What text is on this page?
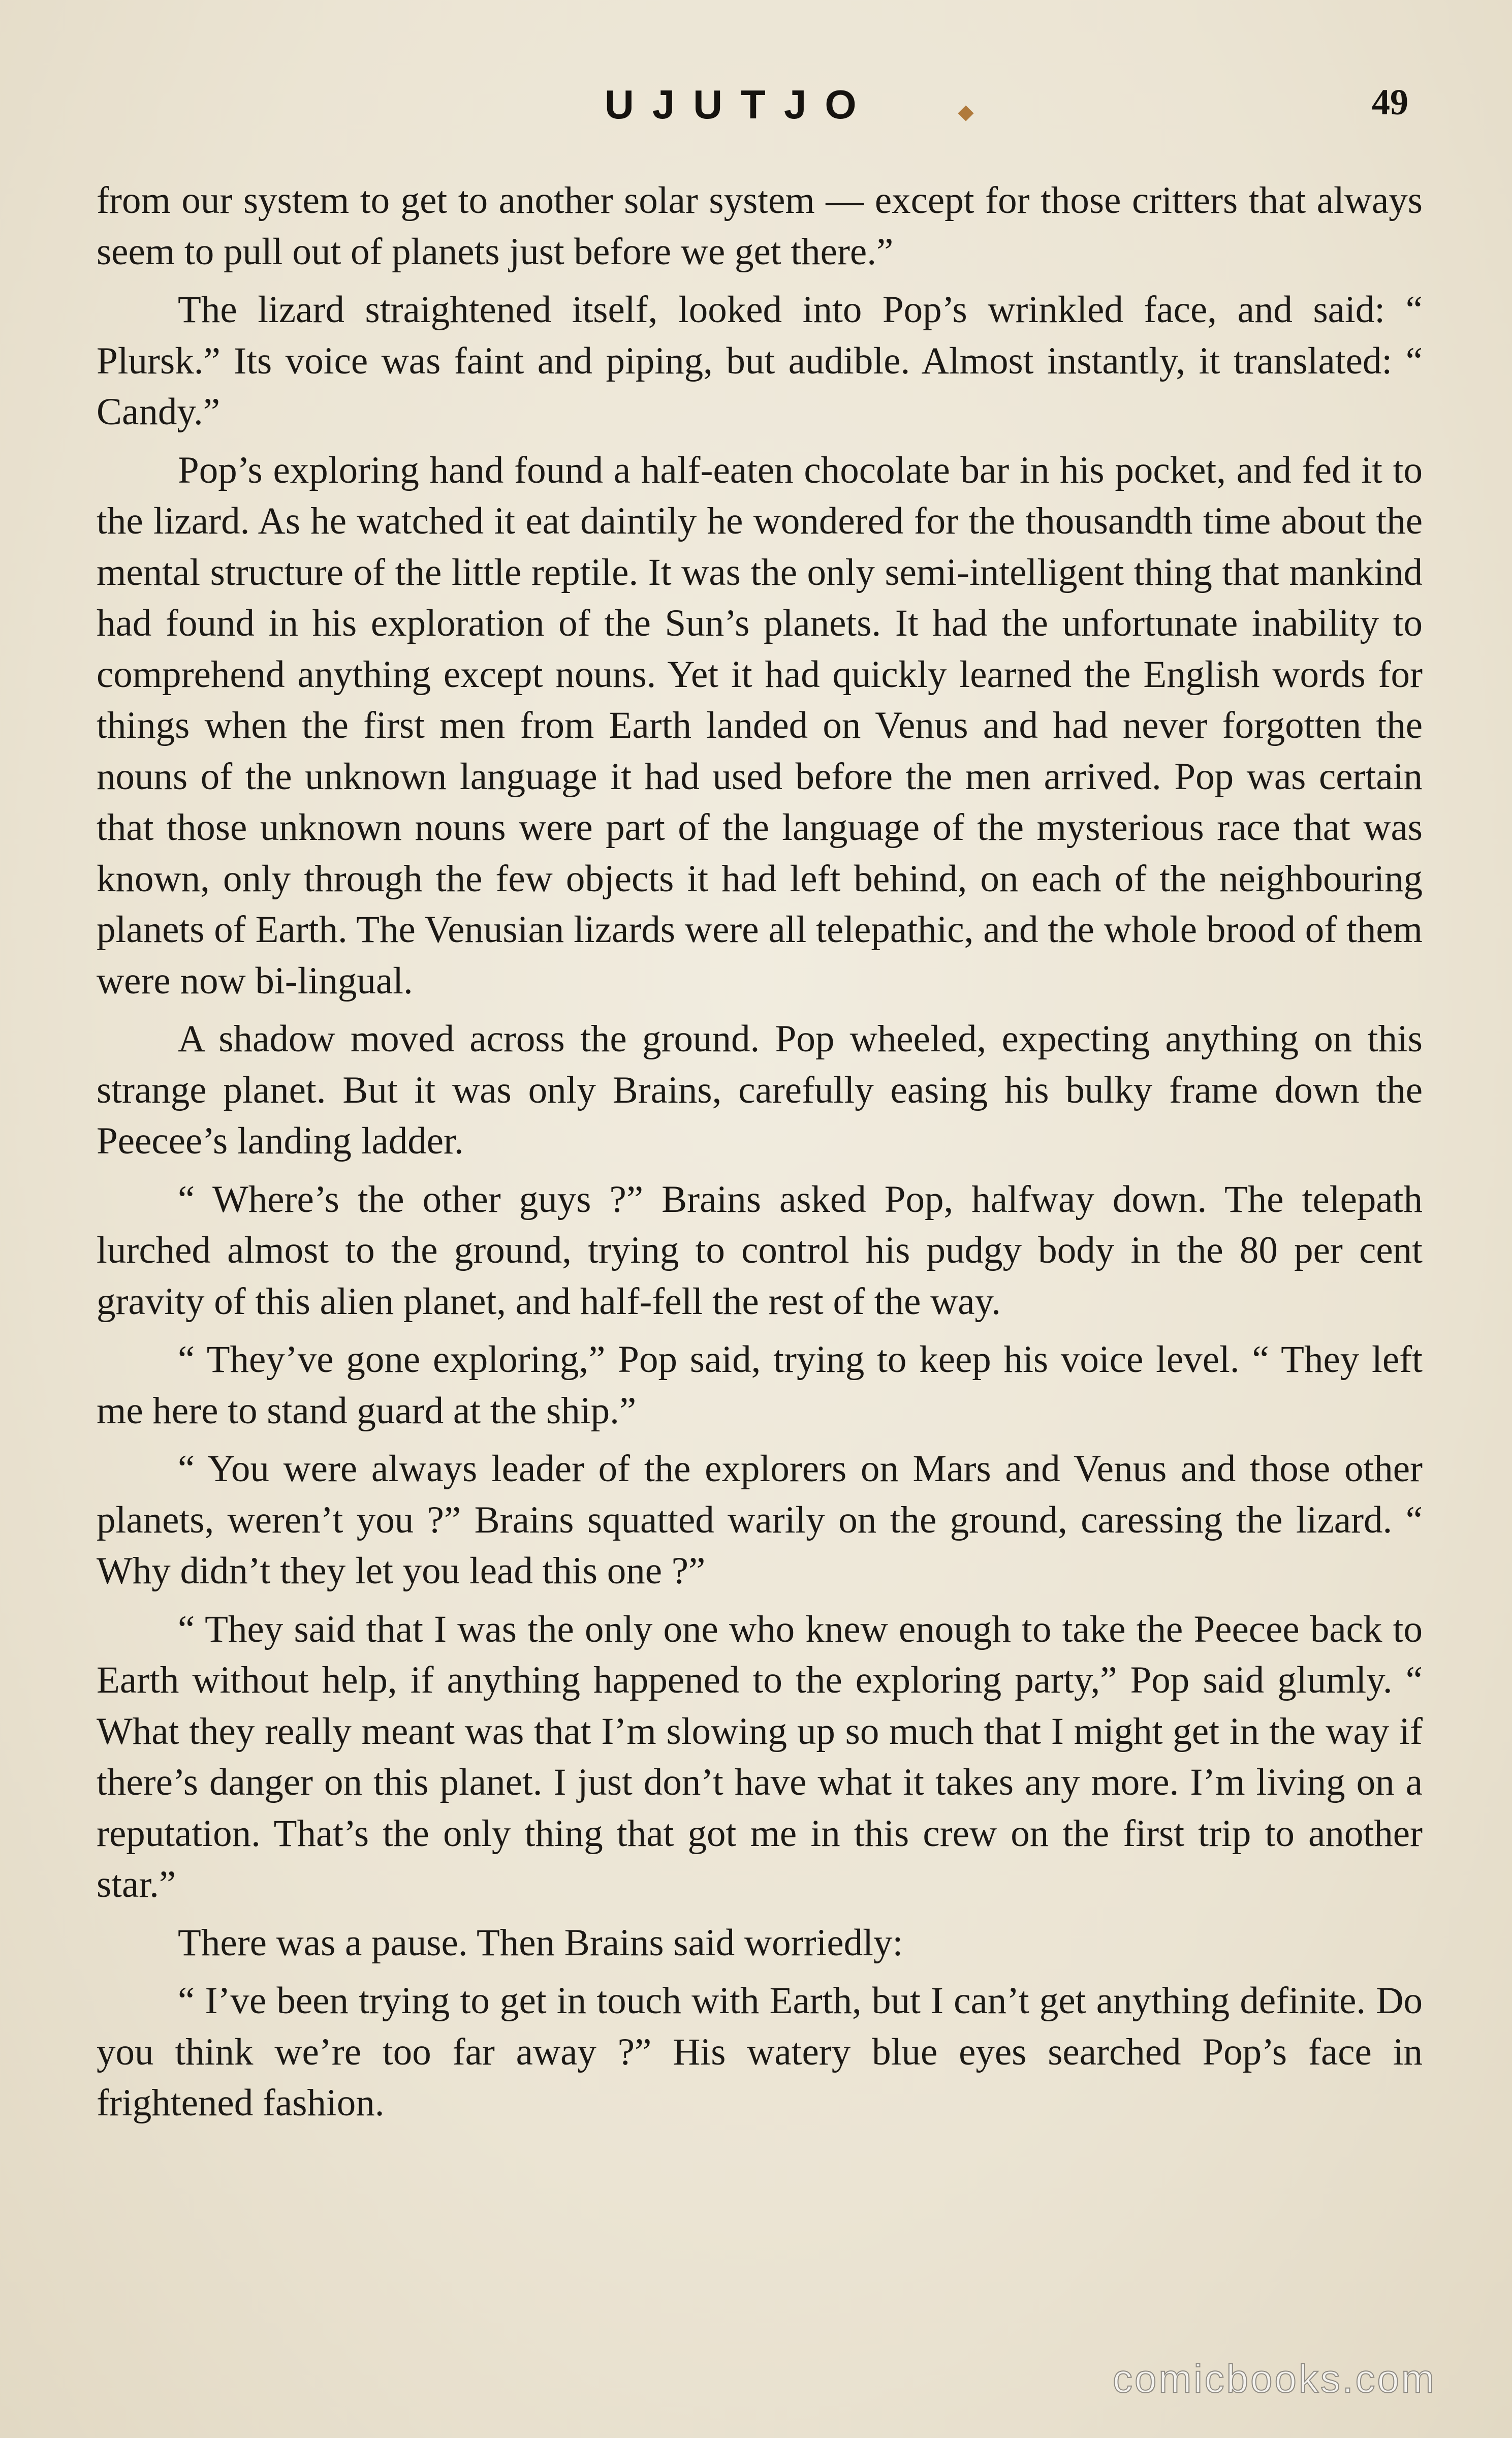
UJUTJO	49

from our system to get to another solar system — except for those critters that always seem to pull out of planets just before we get there.”

The lizard straightened itself, looked into Pop’s wrinkled face, and said: “ Plursk.” Its voice was faint and piping, but audible. Almost instantly, it translated: “ Candy.”

Pop’s exploring hand found a half-eaten chocolate bar in his pocket, and fed it to the lizard. As he watched it eat daintily he wondered for the thousandth time about the mental structure of the little reptile. It was the only semi-intelligent thing that mankind had found in his exploration of the Sun’s planets. It had the unfortunate inability to comprehend anything except nouns. Yet it had quickly learned the English words for things when the first men from Earth landed on Venus and had never forgotten the nouns of the unknown language it had used before the men arrived. Pop was certain that those unknown nouns were part of the language of the mysterious race that was known, only through the few objects it had left behind, on each of the neighbouring planets of Earth. The Venusian lizards were all telepathic, and the whole brood of them were now bi-lingual.

A shadow moved across the ground. Pop wheeled, expecting anything on this strange planet. But it was only Brains, carefully easing his bulky frame down the Peecee’s landing ladder.

“ Where’s the other guys ?” Brains asked Pop, halfway down. The telepath lurched almost to the ground, trying to control his pudgy body in the 80 per cent gravity of this alien planet, and half-fell the rest of the way.

“ They’ve gone exploring,” Pop said, trying to keep his voice level. “ They left me here to stand guard at the ship.”

“ You were always leader of the explorers on Mars and Venus and those other planets, weren’t you ?” Brains squatted warily on the ground, caressing the lizard. “ Why didn’t they let you lead this one ?”

“ They said that I was the only one who knew enough to take the Peecee back to Earth without help, if anything happened to the exploring party,” Pop said glumly. “ What they really meant was that I’m slowing up so much that I might get in the way if there’s danger on this planet. I just don’t have what it takes any more. I’m living on a reputation. That’s the only thing that got me in this crew on the first trip to another star.”

There was a pause. Then Brains said worriedly:

“ I’ve been trying to get in touch with Earth, but I can’t get anything definite. Do you think we’re too far away ?” His watery blue eyes searched Pop’s face in frightened fashion.

comicbooks.com
